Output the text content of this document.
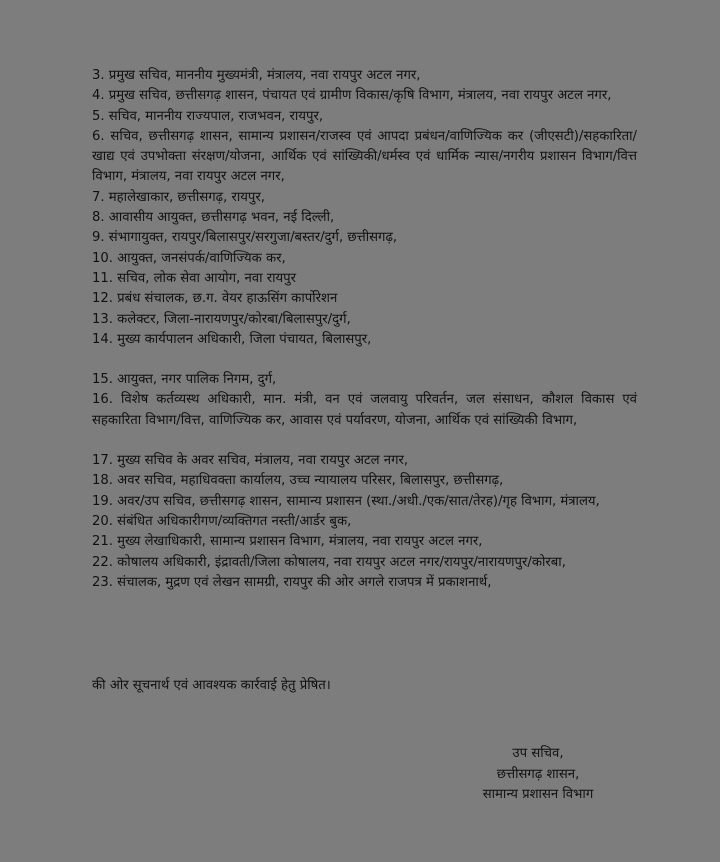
3. प्रमुख सचिव, माननीय मुख्यमंत्री, मंत्रालय, नवा रायपुर अटल नगर,

4. प्रमुख सचिव, छत्तीसगढ़ शासन, पंचायत एवं ग्रामीण विकास/कृषि विभाग, मंत्रालय, नवा रायपुर अटल नगर,

5. सचिव, माननीय राज्यपाल, राजभवन, रायपुर,

6. सचिव, छत्तीसगढ़ शासन, सामान्य प्रशासन/राजस्व एवं आपदा प्रबंधन/वाणिज्यिक कर (जीएसटी)/सहकारिता/खाद्य एवं उपभोक्ता संरक्षण/योजना, आर्थिक एवं सांख्यिकी/धर्मस्व एवं धार्मिक न्यास/नगरीय प्रशासन विभाग/वित्त विभाग, मंत्रालय, नवा रायपुर अटल नगर,

7. महालेखाकार, छत्तीसगढ़, रायपुर,

8. आवासीय आयुक्त, छत्तीसगढ़ भवन, नई दिल्ली,

9. संभागायुक्त, रायपुर/बिलासपुर/सरगुजा/बस्तर/दुर्ग, छत्तीसगढ़,

10. आयुक्त, जनसंपर्क/वाणिज्यिक कर,

11. सचिव, लोक सेवा आयोग, नवा रायपुर

12. प्रबंध संचालक, छ.ग. वेयर हाऊसिंग कार्पोरेशन

13. कलेक्टर, जिला-नारायणपुर/कोरबा/बिलासपुर/दुर्ग,

14. मुख्य कार्यपालन अधिकारी, जिला पंचायत, बिलासपुर,

15. आयुक्त, नगर पालिक निगम, दुर्ग,

16. विशेष कर्तव्यस्थ अधिकारी, मान. मंत्री, वन एवं जलवायु परिवर्तन, जल संसाधन, कौशल विकास एवं सहकारिता विभाग/वित्त, वाणिज्यिक कर, आवास एवं पर्यावरण, योजना, आर्थिक एवं सांख्यिकी विभाग,

17. मुख्य सचिव के अवर सचिव, मंत्रालय, नवा रायपुर अटल नगर,

18. अवर सचिव, महाधिवक्ता कार्यालय, उच्च न्यायालय परिसर, बिलासपुर, छत्तीसगढ़,

19. अवर/उप सचिव, छत्तीसगढ़ शासन, सामान्य प्रशासन (स्था./अधी./एक/सात/तेरह)/गृह विभाग, मंत्रालय,

20. संबंधित अधिकारीगण/व्यक्तिगत नस्ती/आर्डर बुक,

21. मुख्य लेखाधिकारी, सामान्य प्रशासन विभाग, मंत्रालय, नवा रायपुर अटल नगर,

22. कोषालय अधिकारी, इंद्रावती/जिला कोषालय, नवा रायपुर अटल नगर/रायपुर/नारायणपुर/कोरबा,

23. संचालक, मुद्रण एवं लेखन सामग्री, रायपुर की ओर अगले राजपत्र में प्रकाशनार्थ,

की ओर सूचनार्थ एवं आवश्यक कार्रवाई हेतु प्रेषित।
उप सचिव,
छत्तीसगढ़ शासन,
सामान्य प्रशासन विभाग
